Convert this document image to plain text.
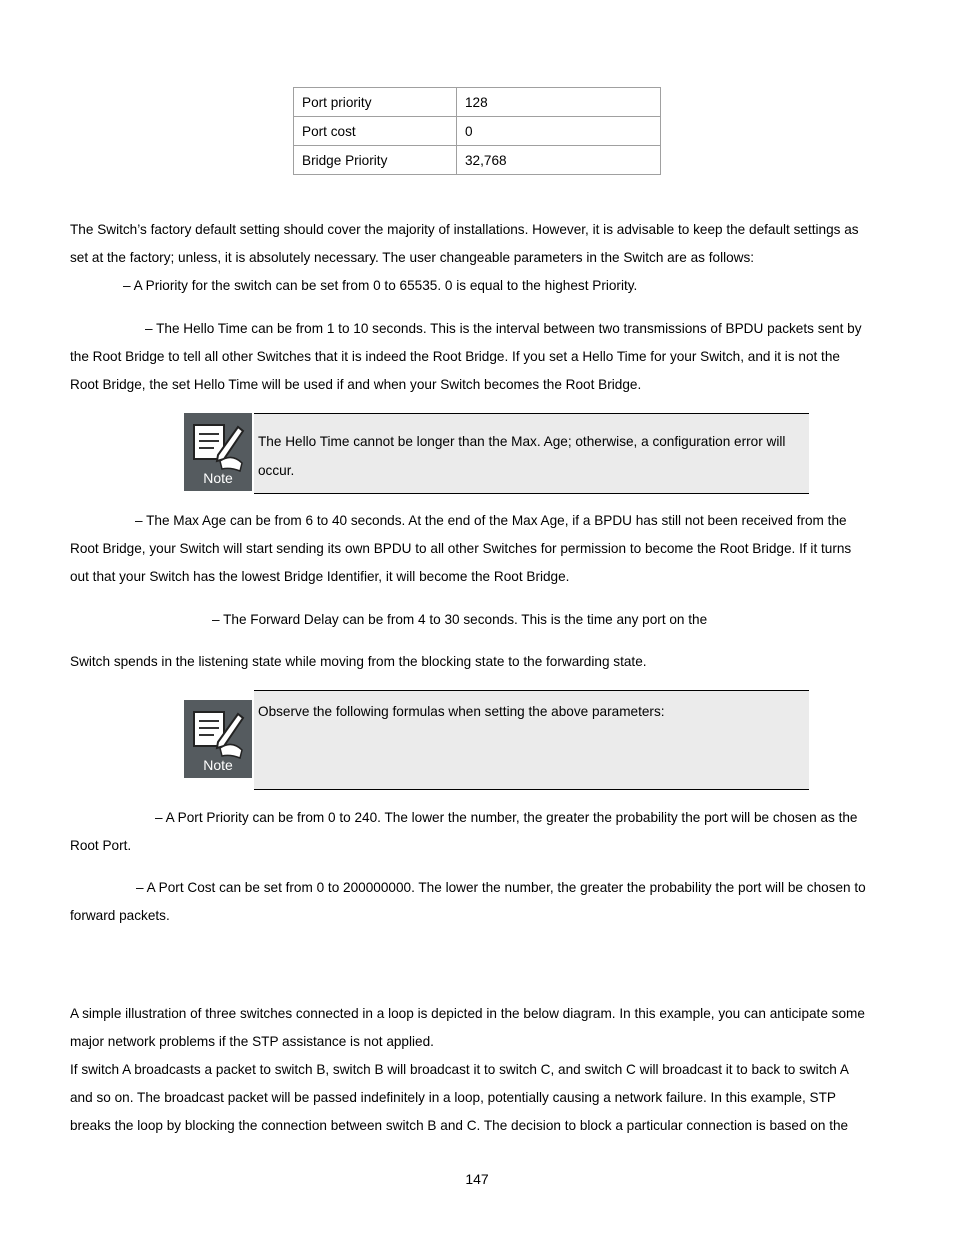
Port priority	128
Port cost	0
Bridge Priority	32,768
The Switch’s factory default setting should cover the majority of installations. However, it is advisable to keep the default settings as
set at the factory; unless, it is absolutely necessary. The user changeable parameters in the Switch are as follows:
– A Priority for the switch can be set from 0 to 65535. 0 is equal to the highest Priority.
– The Hello Time can be from 1 to 10 seconds. This is the interval between two transmissions of BPDU packets sent by
the Root Bridge to tell all other Switches that it is indeed the Root Bridge. If you set a Hello Time for your Switch, and it is not the
Root Bridge, the set Hello Time will be used if and when your Switch becomes the Root Bridge.
Note
The Hello Time cannot be longer than the Max. Age; otherwise, a configuration error will
occur.
– The Max Age can be from 6 to 40 seconds. At the end of the Max Age, if a BPDU has still not been received from the
Root Bridge, your Switch will start sending its own BPDU to all other Switches for permission to become the Root Bridge. If it turns
out that your Switch has the lowest Bridge Identifier, it will become the Root Bridge.
– The Forward Delay can be from 4 to 30 seconds. This is the time any port on the
Switch spends in the listening state while moving from the blocking state to the forwarding state.
Note
Observe the following formulas when setting the above parameters:
– A Port Priority can be from 0 to 240. The lower the number, the greater the probability the port will be chosen as the
Root Port.
– A Port Cost can be set from 0 to 200000000. The lower the number, the greater the probability the port will be chosen to
forward packets.
A simple illustration of three switches connected in a loop is depicted in the below diagram. In this example, you can anticipate some
major network problems if the STP assistance is not applied.
If switch A broadcasts a packet to switch B, switch B will broadcast it to switch C, and switch C will broadcast it to back to switch A
and so on. The broadcast packet will be passed indefinitely in a loop, potentially causing a network failure. In this example, STP
breaks the loop by blocking the connection between switch B and C. The decision to block a particular connection is based on the
147
